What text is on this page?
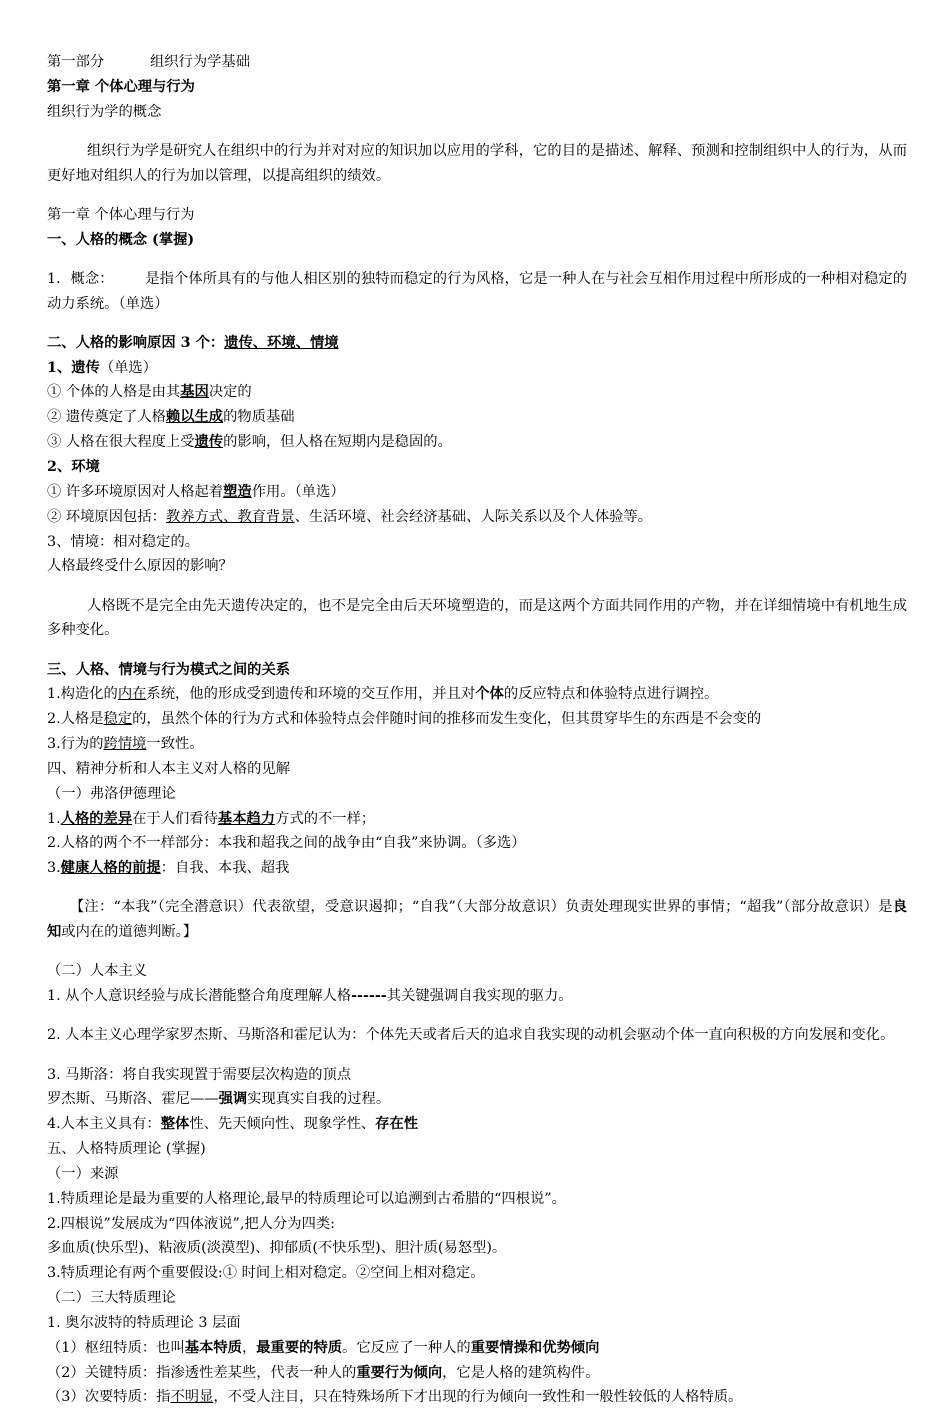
第一部分	组织行为学基础

第一章 个体心理与行为

组织行为学的概念

组织行为学是研究人在组织中的行为并对对应的知识加以应用的学科，它的目的是描述、解释、预测和控制组织中人的行为，从而更好地对组织人的行为加以管理，以提高组织的绩效。

第一章 个体心理与行为

一、人格的概念 (掌握)

1．概念： 是指个体所具有的与他人相区别的独特而稳定的行为风格，它是一种人在与社会互相作用过程中所形成的一种相对稳定的动力系统。（单选）

二、人格的影响原因 3 个：遗传、环境、情境

1、遗传（单选）

① 个体的人格是由其基因决定的

② 遗传奠定了人格赖以生成的物质基础

③ 人格在很大程度上受遗传的影响，但人格在短期内是稳固的。

2、环境

① 许多环境原因对人格起着塑造作用。（单选）

② 环境原因包括：教养方式、教育背景、生活环境、社会经济基础、人际关系以及个人体验等。

3、情境：相对稳定的。

人格最终受什么原因的影响？

人格既不是完全由先天遗传决定的，也不是完全由后天环境塑造的，而是这两个方面共同作用的产物，并在详细情境中有机地生成多种变化。

三、人格、情境与行为模式之间的关系

1.构造化的内在系统，他的形成受到遗传和环境的交互作用，并且对个体的反应特点和体验特点进行调控。

2.人格是稳定的，虽然个体的行为方式和体验特点会伴随时间的推移而发生变化，但其贯穿毕生的东西是不会变的

3.行为的跨情境一致性。

四、精神分析和人本主义对人格的见解

（一）弗洛伊德理论

1.人格的差异在于人们看待基本趋力方式的不一样；

2.人格的两个不一样部分：本我和超我之间的战争由“自我”来协调。（多选）

3.健康人格的前提：自我、本我、超我

【注：“本我”（完全潜意识）代表欲望，受意识遏抑；“自我”（大部分故意识）负责处理现实世界的事情；“超我”（部分故意识）是良知或内在的道德判断。】

（二）人本主义

1. 从个人意识经验与成长潜能整合角度理解人格------其关键强调自我实现的驱力。

2. 人本主义心理学家罗杰斯、马斯洛和霍尼认为：个体先天或者后天的追求自我实现的动机会驱动个体一直向积极的方向发展和变化。

3. 马斯洛：将自我实现置于需要层次构造的顶点

罗杰斯、马斯洛、霍尼——强调实现真实自我的过程。

4.人本主义具有：整体性、先天倾向性、现象学性、存在性

五、人格特质理论 (掌握)

（一）来源

1.特质理论是最为重要的人格理论,最早的特质理论可以追溯到古希腊的“四根说”。

2.四根说”发展成为“四体液说”,把人分为四类:

多血质(快乐型)、粘液质(淡漠型)、抑郁质(不快乐型)、胆汁质(易怒型)。

3.特质理论有两个重要假设:① 时间上相对稳定。②空间上相对稳定。

（二）三大特质理论

1. 奥尔波特的特质理论 3 层面

（1）枢纽特质：也叫基本特质，最重要的特质。它反应了一种人的重要情操和优势倾向

（2）关键特质：指渗透性差某些，代表一种人的重要行为倾向，它是人格的建筑构件。

（3）次要特质：指不明显，不受人注目，只在特殊场所下才出现的行为倾向一致性和一般性较低的人格特质。
